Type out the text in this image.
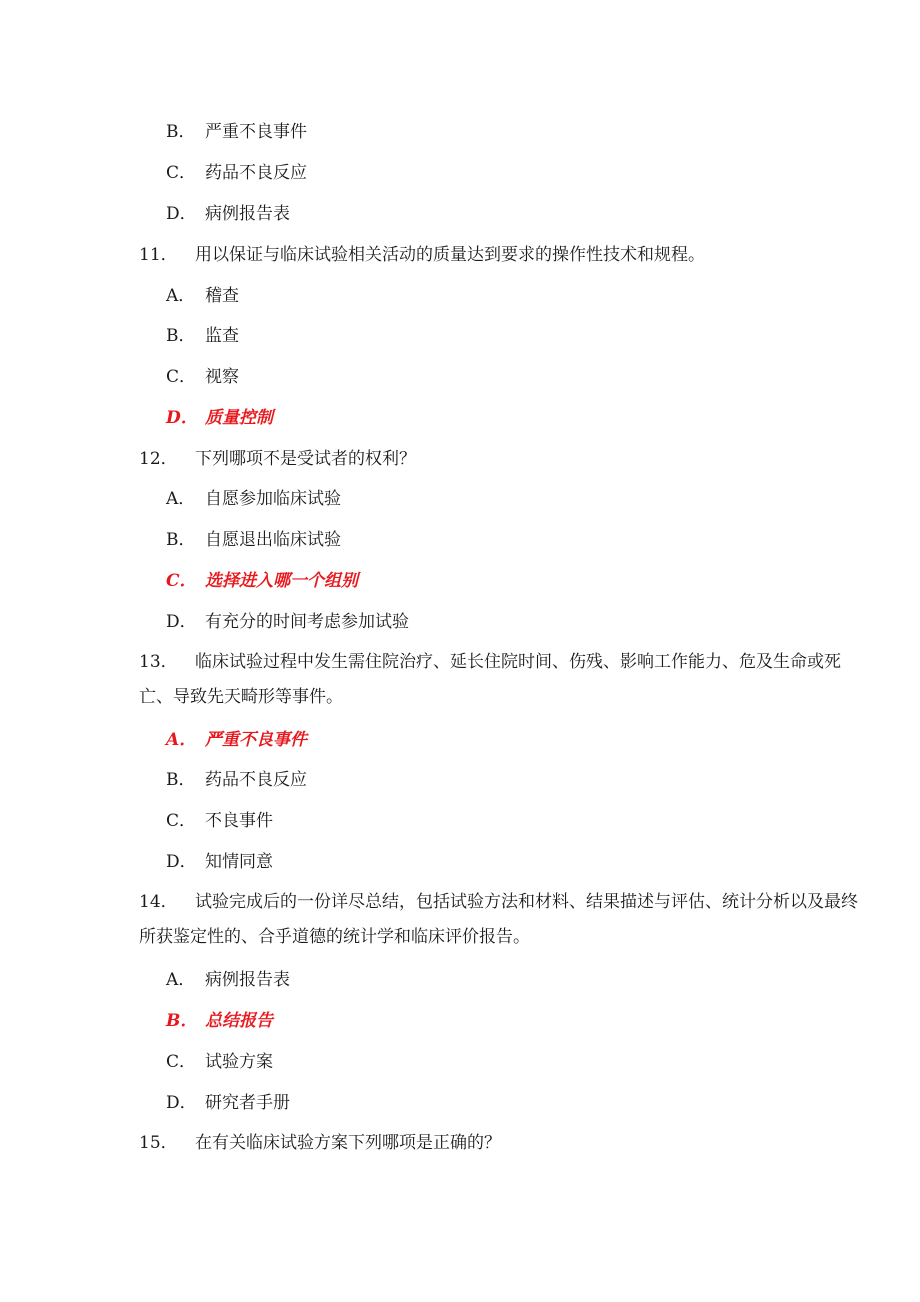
B． 严重不良事件
C． 药品不良反应
D． 病例报告表
11． 用以保证与临床试验相关活动的质量达到要求的操作性技术和规程。
A． 稽查
B． 监查
C． 视察
D． 质量控制
12． 下列哪项不是受试者的权利？
A． 自愿参加临床试验
B． 自愿退出临床试验
C． 选择进入哪一个组别
D． 有充分的时间考虑参加试验
13． 临床试验过程中发生需住院治疗、延长住院时间、伤残、影响工作能力、危及生命或死亡、导致先天畸形等事件。
A． 严重不良事件
B． 药品不良反应
C． 不良事件
D． 知情同意
14． 试验完成后的一份详尽总结，包括试验方法和材料、结果描述与评估、统计分析以及最终所获鉴定性的、合乎道德的统计学和临床评价报告。
A． 病例报告表
B． 总结报告
C． 试验方案
D． 研究者手册
15． 在有关临床试验方案下列哪项是正确的？
